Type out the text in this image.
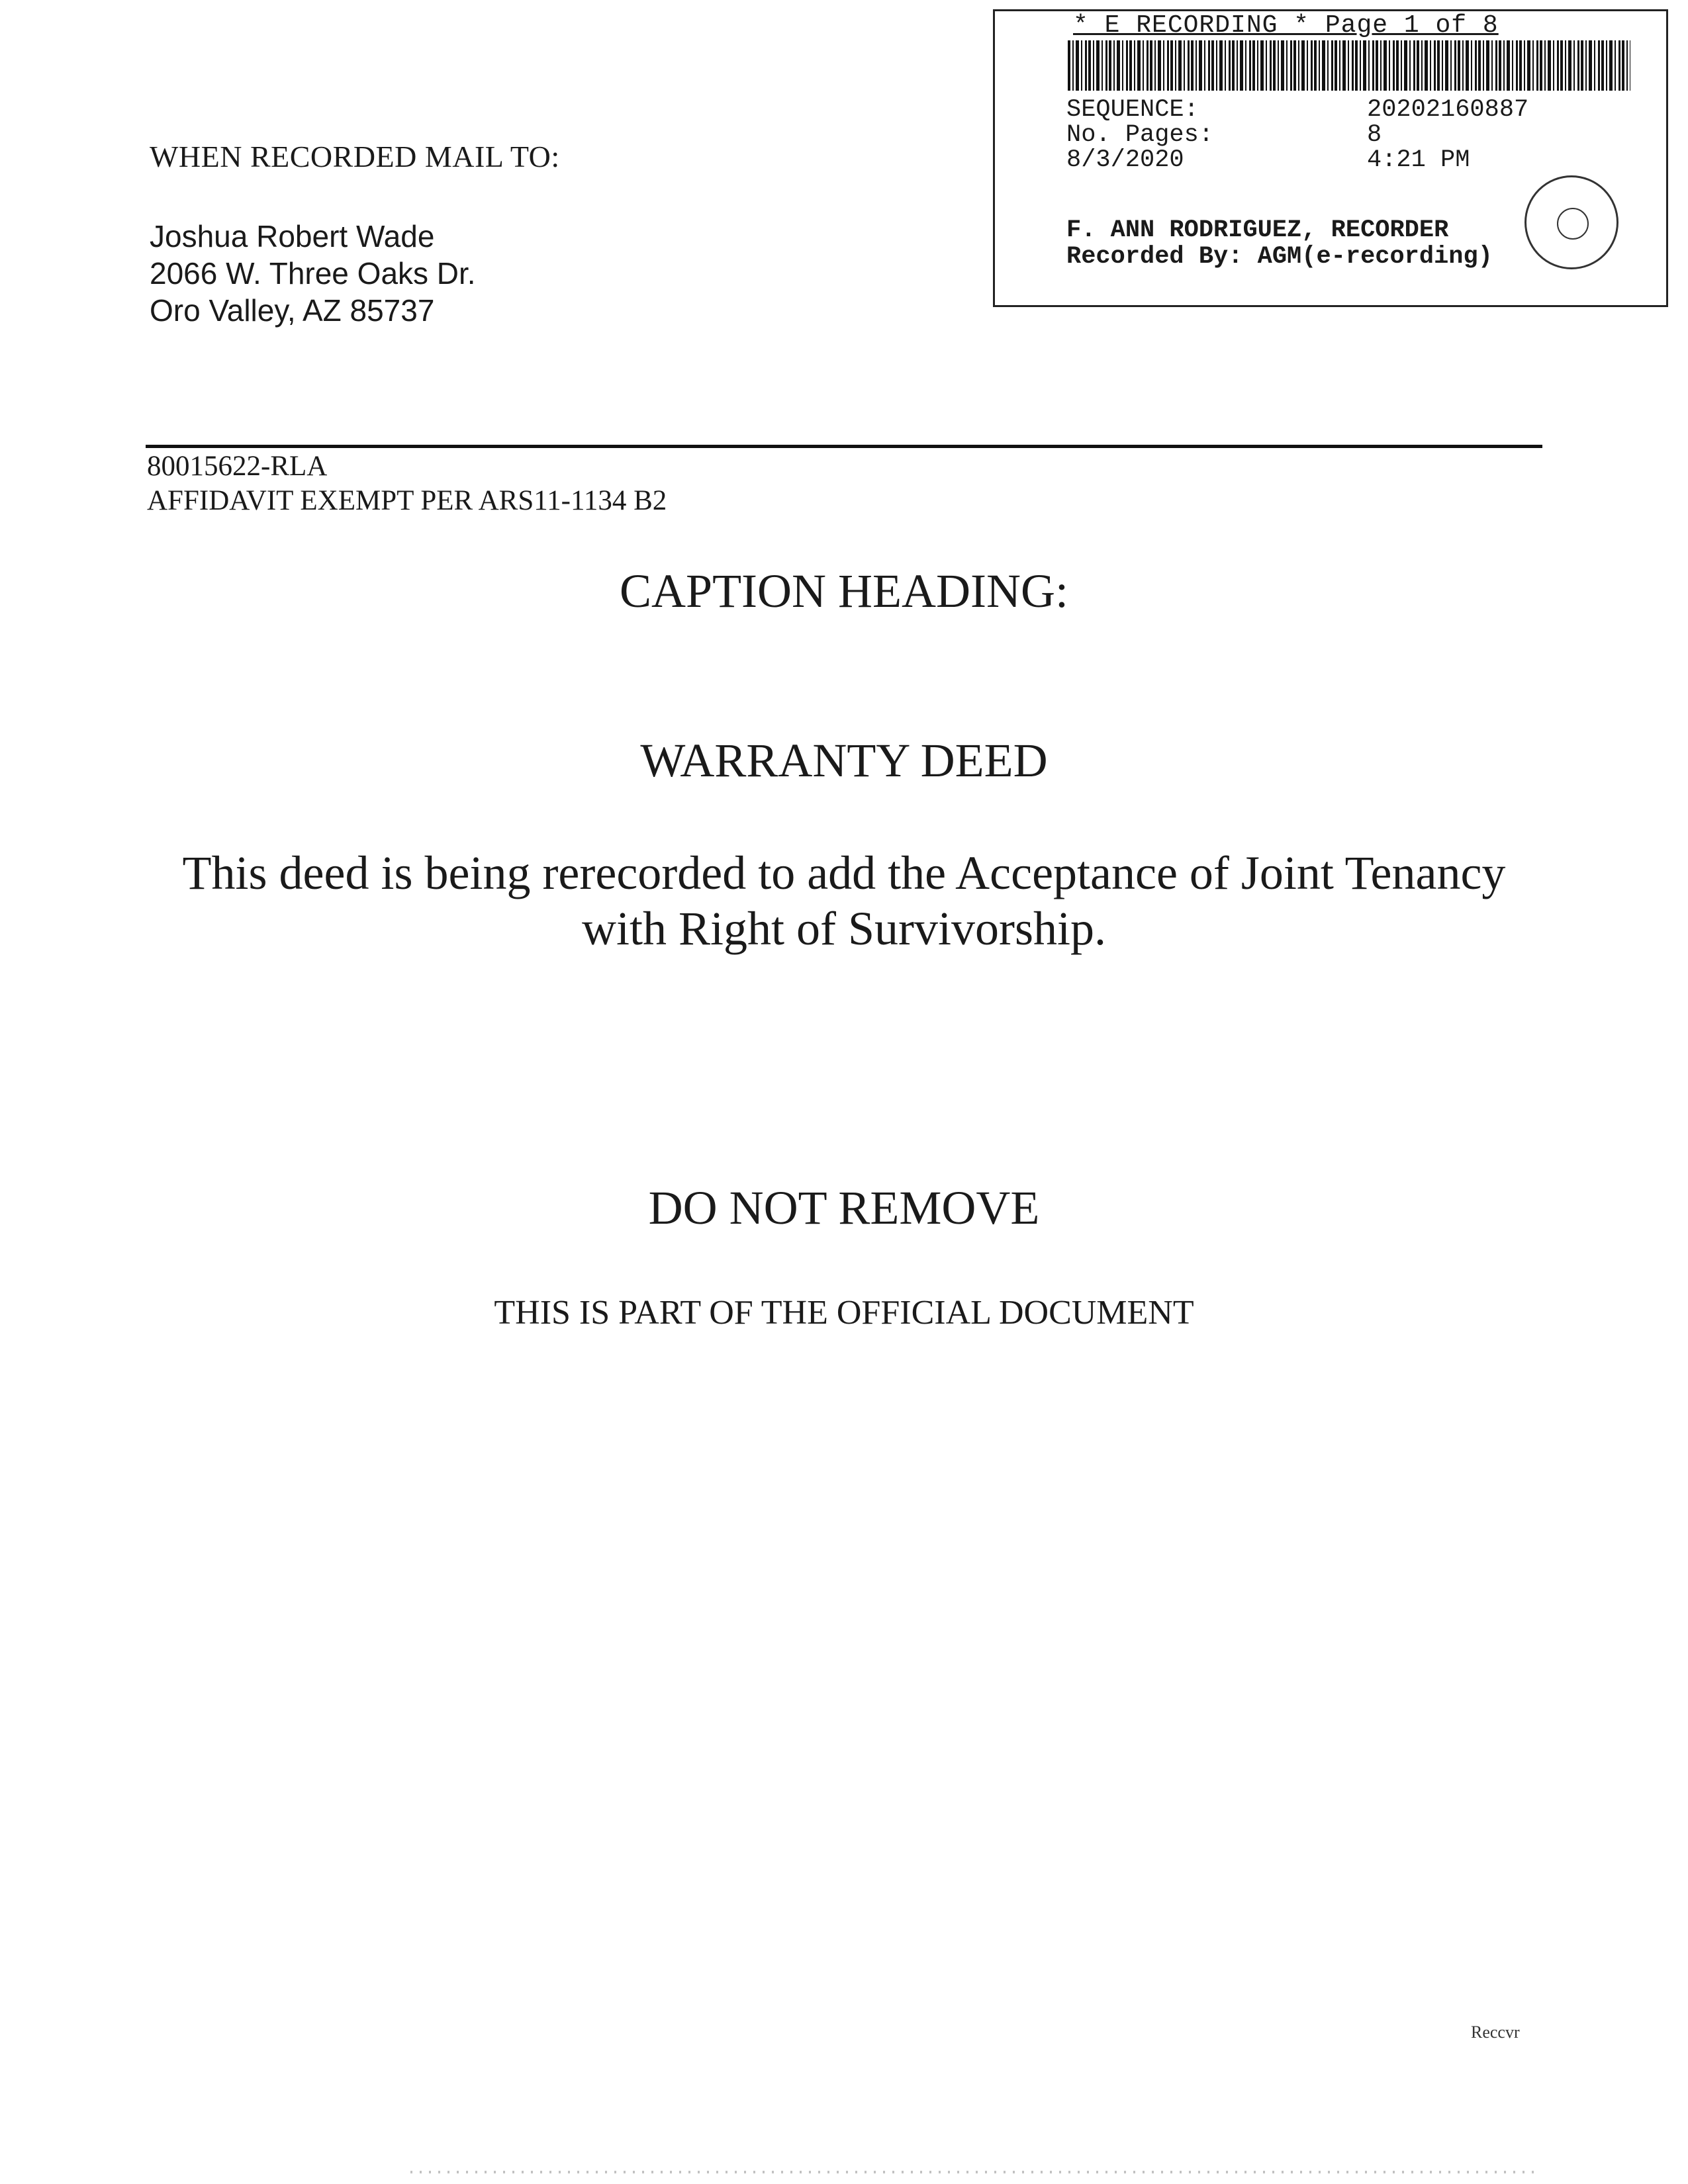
* E RECORDING * Page 1 of 8
SEQUENCE:	20202160887
No. Pages:	8
8/3/2020	4:21 PM
F. ANN RODRIGUEZ, RECORDER
Recorded By: AGM(e-recording)
WHEN RECORDED MAIL TO:
Joshua Robert Wade
2066 W. Three Oaks Dr.
Oro Valley, AZ 85737
80015622-RLA
AFFIDAVIT EXEMPT PER ARS11-1134 B2
CAPTION HEADING:
WARRANTY DEED
This deed is being rerecorded to add the Acceptance of Joint Tenancy
with Right of Survivorship.
DO NOT REMOVE
THIS IS PART OF THE OFFICIAL DOCUMENT
Reccvr
